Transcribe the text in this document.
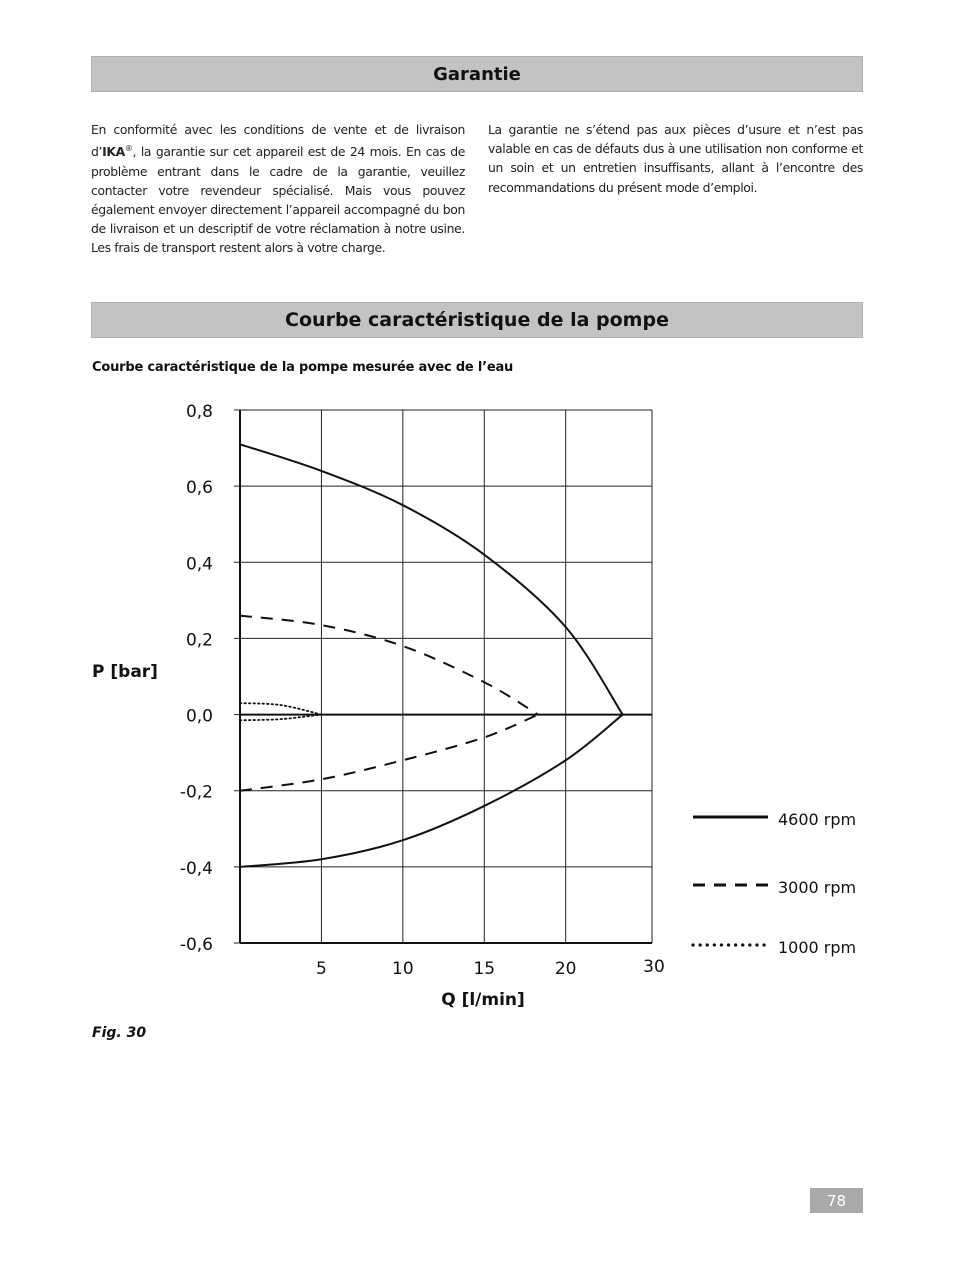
Garantie
En conformité avec les conditions de vente et de livraison d’IKA®, la garantie sur cet appareil est de 24 mois. En cas de problème entrant dans le cadre de la garantie, veuillez contacter votre revendeur spécialisé. Mais vous pouvez également envoyer directement l’appareil accompagné du bon de livraison et un descriptif de votre réclamation à notre usine. Les frais de transport restent alors à votre charge.
La garantie ne s’étend pas aux pièces d’usure et n’est pas valable en cas de défauts dus à une utilisation non conforme et un soin et un entretien insuffisants, allant à l’encontre des recommandations du présent mode d’emploi.
Courbe caractéristique de la pompe
Courbe caractéristique de la pompe mesurée avec de l’eau
0,8
0,6
0,4
0,2
0,0
-0,2
-0,4
-0,6
5	10	15	20	30
P [bar]
Q [l/min]
4600 rpm
3000 rpm
1000 rpm
Fig. 30
78
